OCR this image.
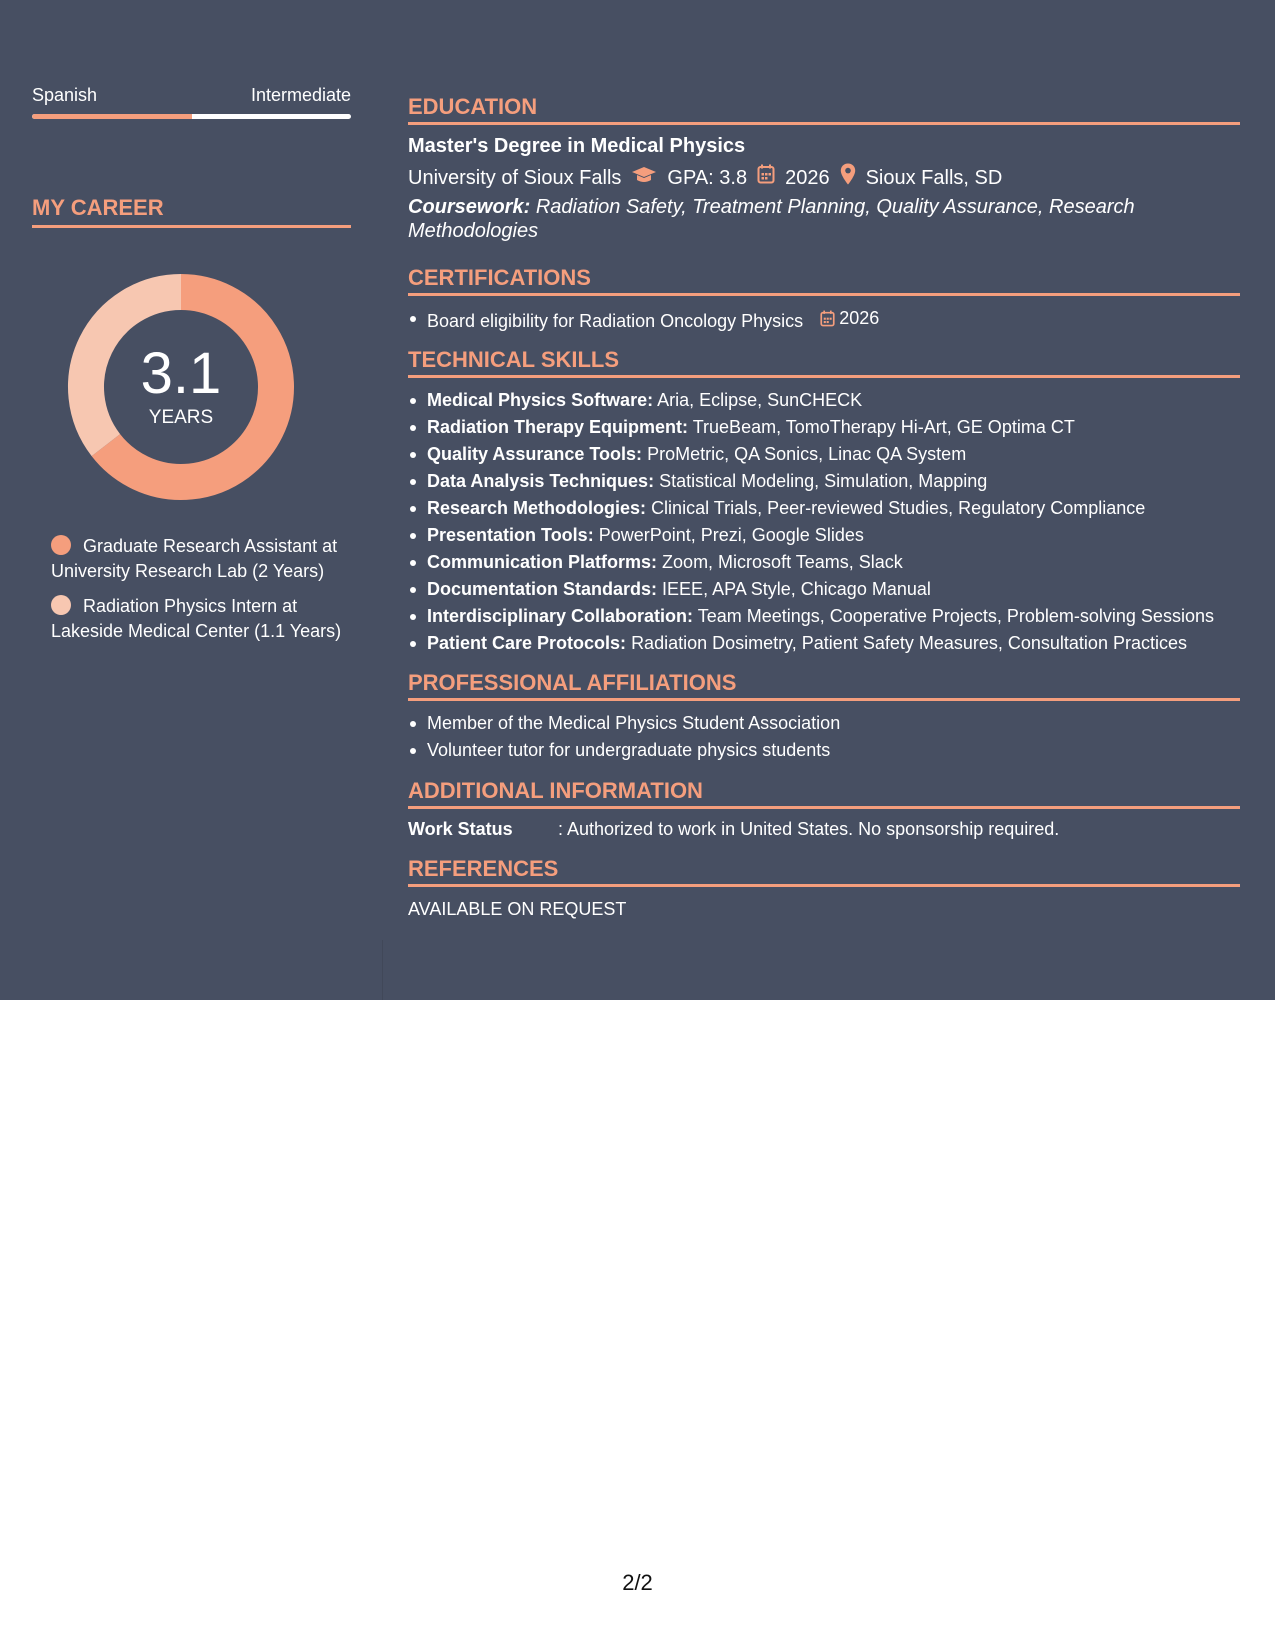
Spanish	Intermediate
MY CAREER
3.1
YEARS
Graduate Research Assistant at University Research Lab (2 Years)
Radiation Physics Intern at Lakeside Medical Center (1.1 Years)
EDUCATION
Master's Degree in Medical Physics
University of Sioux Falls GPA: 3.8 2026 Sioux Falls, SD
Coursework: Radiation Safety, Treatment Planning, Quality Assurance, Research Methodologies
CERTIFICATIONS
Board eligibility for Radiation Oncology Physics 2026
TECHNICAL SKILLS
Medical Physics Software: Aria, Eclipse, SunCHECK
Radiation Therapy Equipment: TrueBeam, TomoTherapy Hi-Art, GE Optima CT
Quality Assurance Tools: ProMetric, QA Sonics, Linac QA System
Data Analysis Techniques: Statistical Modeling, Simulation, Mapping
Research Methodologies: Clinical Trials, Peer-reviewed Studies, Regulatory Compliance
Presentation Tools: PowerPoint, Prezi, Google Slides
Communication Platforms: Zoom, Microsoft Teams, Slack
Documentation Standards: IEEE, APA Style, Chicago Manual
Interdisciplinary Collaboration: Team Meetings, Cooperative Projects, Problem-solving Sessions
Patient Care Protocols: Radiation Dosimetry, Patient Safety Measures, Consultation Practices
PROFESSIONAL AFFILIATIONS
Member of the Medical Physics Student Association
Volunteer tutor for undergraduate physics students
ADDITIONAL INFORMATION
Work Status	: Authorized to work in United States. No sponsorship required.
REFERENCES
AVAILABLE ON REQUEST
2/2
